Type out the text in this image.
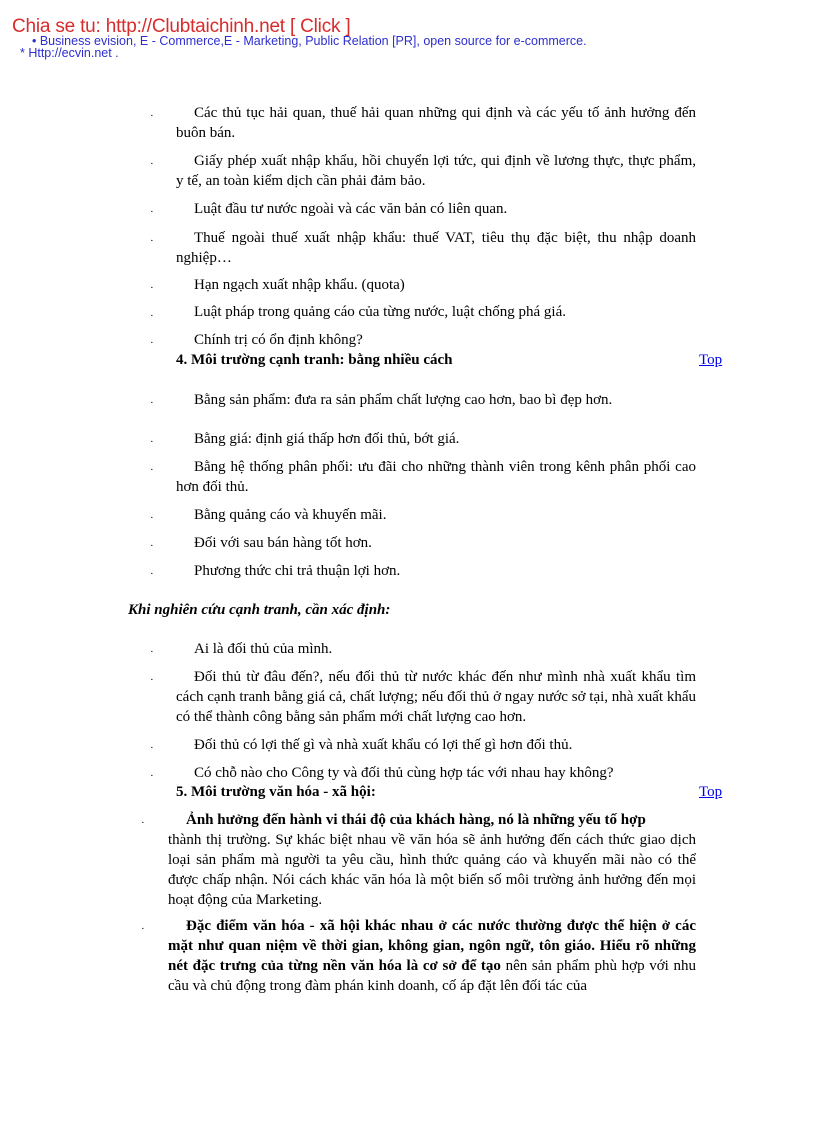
• Business evision, E - Commerce,E - Marketing, Public Relation [PR], open source for e-commerce.
Chia se tu: http://Clubtaichinh.net [ Click ]
* Http://ecvin.net .
·	Các thủ tục hải quan, thuế hải quan những qui định và các yếu tố ảnh hưởng đến buôn bán.
·	Giấy phép xuất nhập khẩu, hồi chuyển lợi tức, qui định về lương thực, thực phẩm, y tế, an toàn kiểm dịch cần phải đảm bảo.
·	Luật đầu tư nước ngoài và các văn bản có liên quan.
·	Thuế ngoài thuế xuất nhập khẩu: thuế VAT, tiêu thụ đặc biệt, thu nhập doanh nghiệp…
·	Hạn ngạch xuất nhập khẩu. (quota)
·	Luật pháp trong quảng cáo của từng nước, luật chống phá giá.
·	Chính trị có ổn định không?
4. Môi trường cạnh tranh: bằng nhiều cách	Top
·	Bằng sản phẩm: đưa ra sản phẩm chất lượng cao hơn, bao bì đẹp hơn.
·	Bằng giá: định giá thấp hơn đối thủ, bớt giá.
·	Bằng hệ thống phân phối: ưu đãi cho những thành viên trong kênh phân phối cao hơn đối thủ.
·	Bằng quảng cáo và khuyến mãi.
·	Đối với sau bán hàng tốt hơn.
·	Phương thức chi trả thuận lợi hơn.
Khi nghiên cứu cạnh tranh, cần xác định:
·	Ai là đối thủ của mình.
·	Đối thủ từ đâu đến?, nếu đối thủ từ nước khác đến như mình nhà xuất khẩu tìm cách cạnh tranh bằng giá cả, chất lượng; nếu đối thủ ở ngay nước sở tại, nhà xuất khẩu có thể thành công bằng sản phẩm mới chất lượng cao hơn.
·	Đối thủ có lợi thế gì và nhà xuất khẩu có lợi thế gì hơn đối thủ.
·	Có chỗ nào cho Công ty và đối thủ cùng hợp tác với nhau hay không?
5. Môi trường văn hóa - xã hội:	Top
·	Ảnh hưởng đến hành vi thái độ của khách hàng, nó là những yếu tố hợp
thành thị trường. Sự khác biệt nhau về văn hóa sẽ ảnh hưởng đến cách thức giao dịch loại sản phẩm mà người ta yêu cầu, hình thức quảng cáo và khuyến mãi nào có thể được chấp nhận. Nói cách khác văn hóa là một biến số môi trường ảnh hưởng đến mọi hoạt động của Marketing.
·	Đặc điểm văn hóa - xã hội khác nhau ở các nước thường được thể hiện ở các mặt như quan niệm về thời gian, không gian, ngôn ngữ, tôn giáo. Hiểu rõ những nét đặc trưng của từng nền văn hóa là cơ sở để tạo nên sản phẩm phù hợp với nhu cầu và chủ động trong đàm phán kinh doanh, cố áp đặt lên đối tác của
